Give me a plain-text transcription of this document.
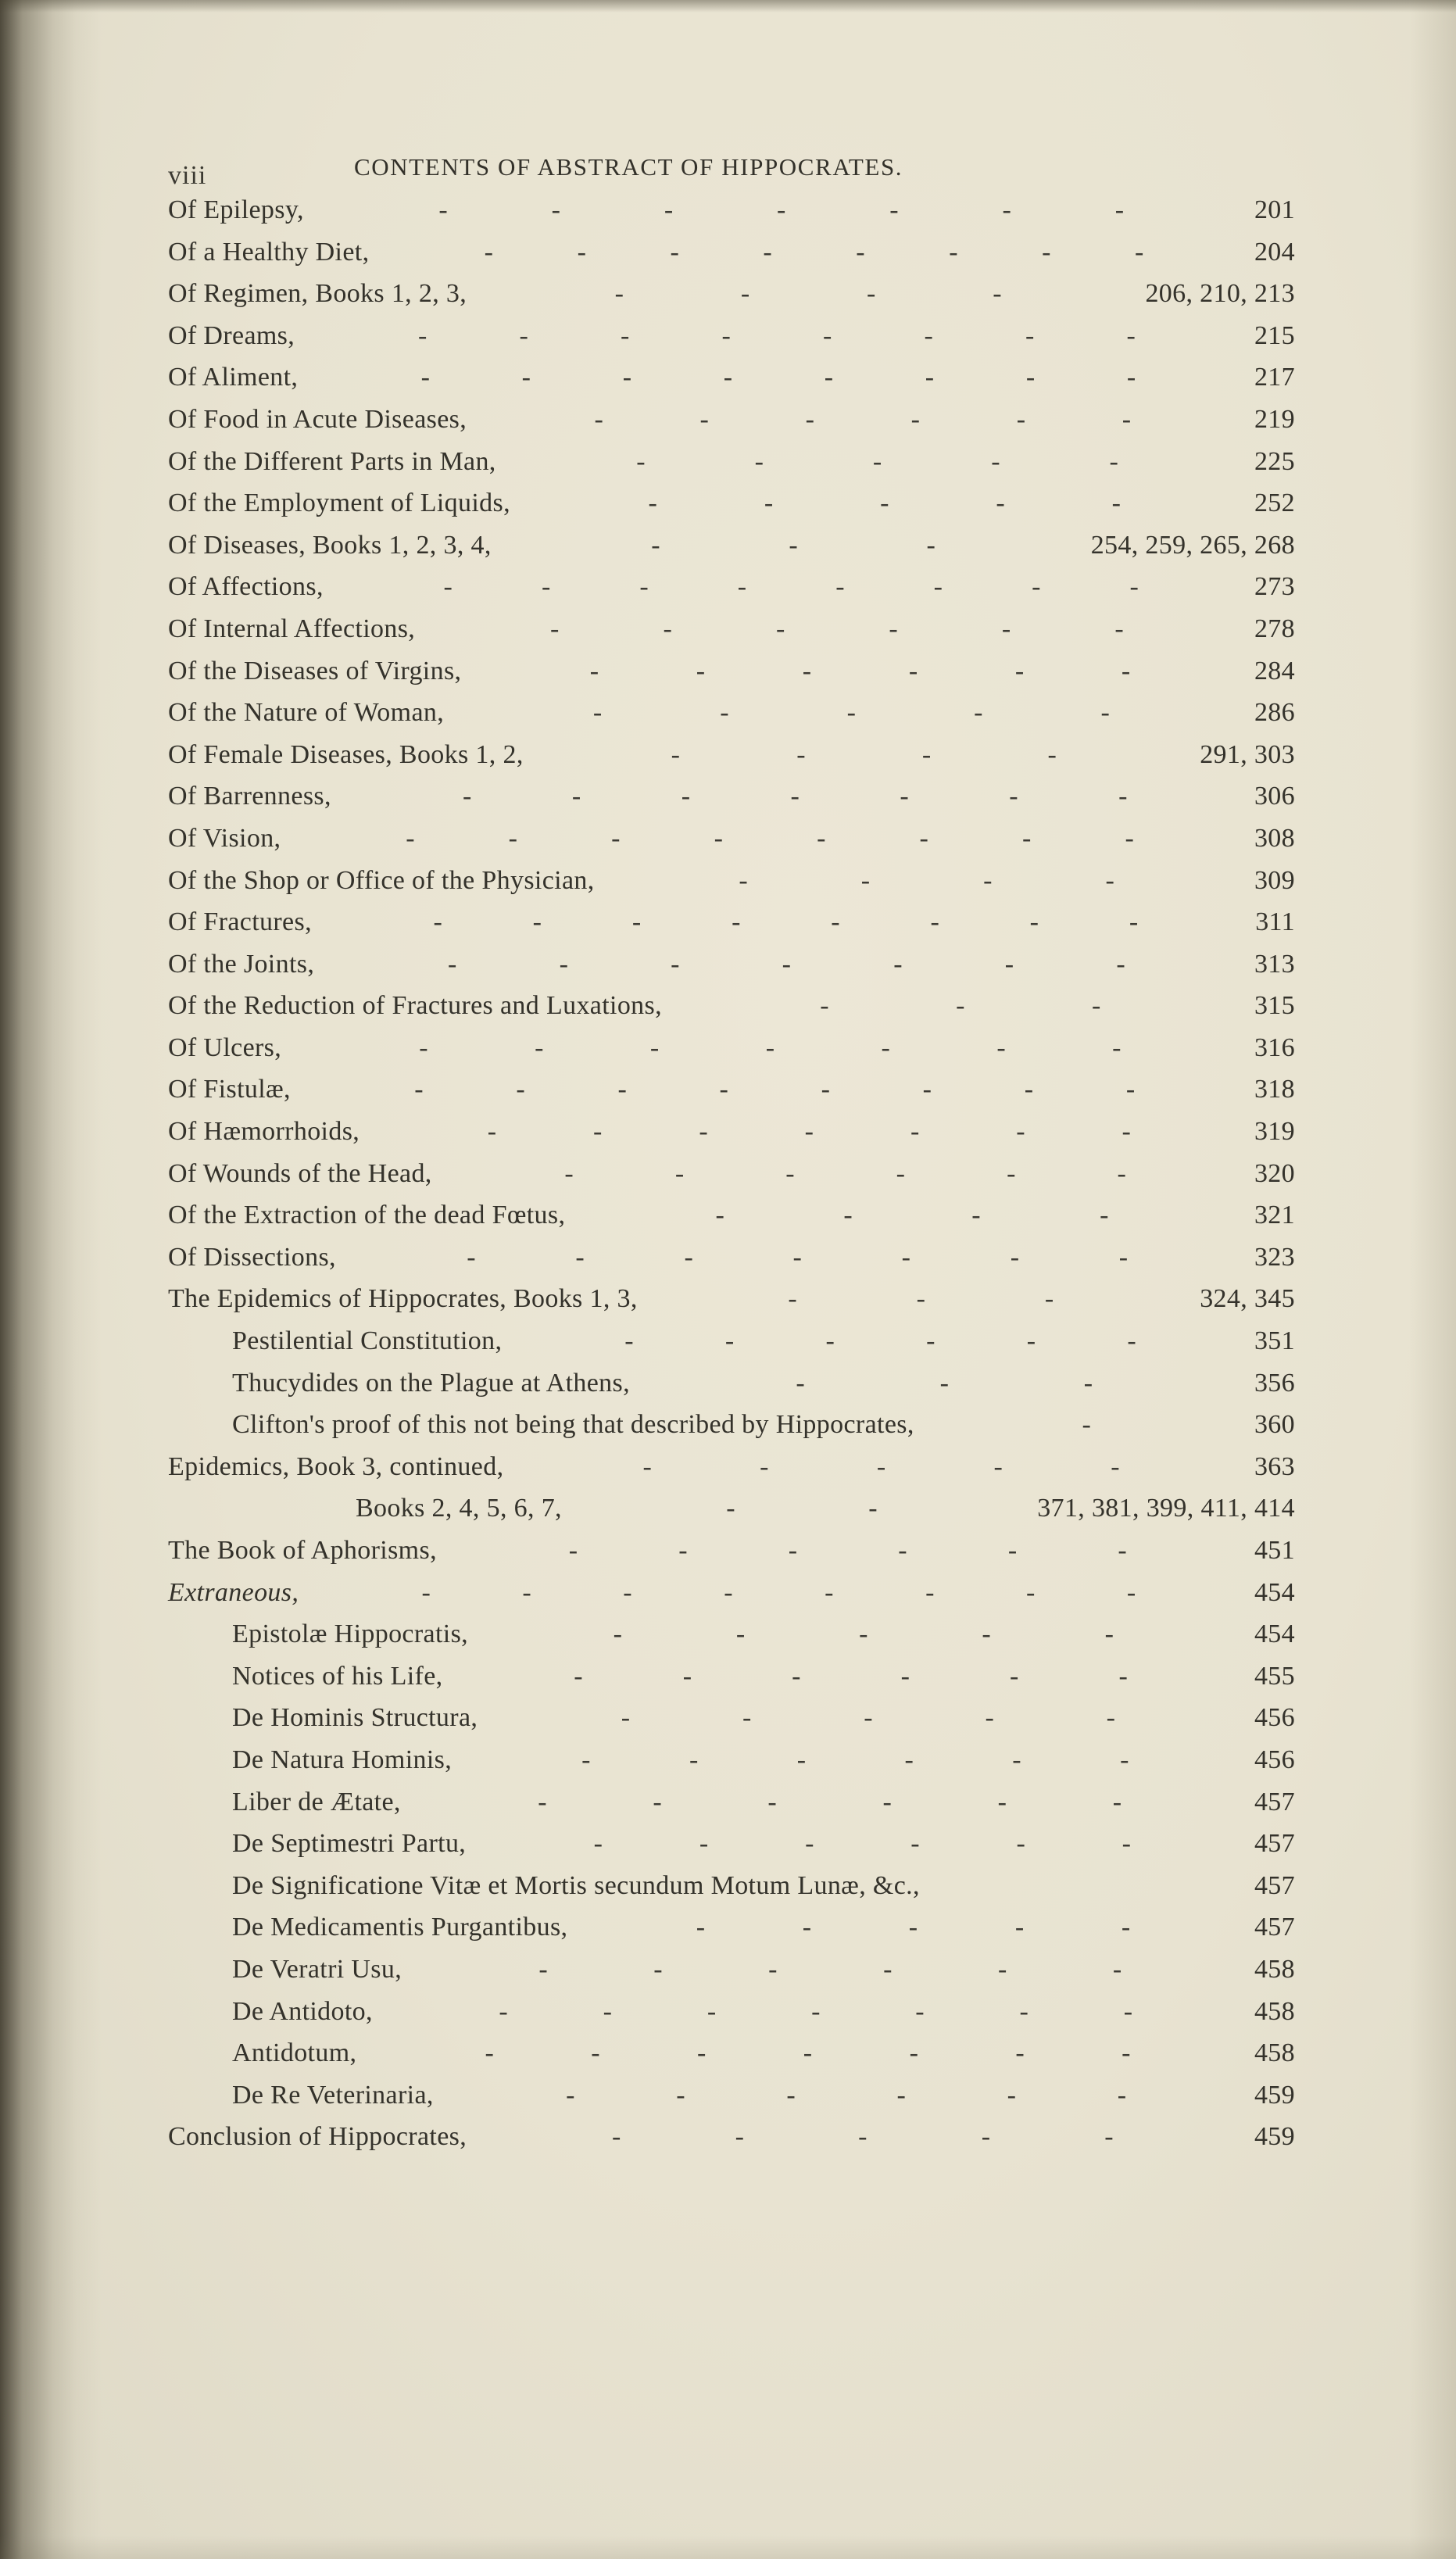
viii	CONTENTS OF ABSTRACT OF HIPPOCRATES.
Of Epilepsy,	-	-	-	-	-	-	-	201
Of a Healthy Diet,	-	-	-	-	-	-	-	-	204
Of Regimen, Books 1, 2, 3,	-	-	-	-	206, 210, 213
Of Dreams,	-	-	-	-	-	-	-	-	215
Of Aliment,	-	-	-	-	-	-	-	-	217
Of Food in Acute Diseases,	-	-	-	-	-	-	219
Of the Different Parts in Man,	-	-	-	-	-	225
Of the Employment of Liquids,	-	-	-	-	-	252
Of Diseases, Books 1, 2, 3, 4,	-	-	-	254, 259, 265, 268
Of Affections,	-	-	-	-	-	-	-	-	273
Of Internal Affections,	-	-	-	-	-	-	278
Of the Diseases of Virgins,	-	-	-	-	-	-	284
Of the Nature of Woman,	-	-	-	-	-	286
Of Female Diseases, Books 1, 2,	-	-	-	-	291, 303
Of Barrenness,	-	-	-	-	-	-	-	306
Of Vision,	-	-	-	-	-	-	-	-	308
Of the Shop or Office of the Physician,	-	-	-	-	309
Of Fractures,	-	-	-	-	-	-	-	-	311
Of the Joints,	-	-	-	-	-	-	-	313
Of the Reduction of Fractures and Luxations,	-	-	-	315
Of Ulcers,	-	-	-	-	-	-	-	316
Of Fistulæ,	-	-	-	-	-	-	-	-	318
Of Hæmorrhoids,	-	-	-	-	-	-	-	319
Of Wounds of the Head,	-	-	-	-	-	-	320
Of the Extraction of the dead Fœtus,	-	-	-	-	321
Of Dissections,	-	-	-	-	-	-	-	323
The Epidemics of Hippocrates, Books 1, 3,	-	-	-	324, 345
Pestilential Constitution,	-	-	-	-	-	-	351
Thucydides on the Plague at Athens,	-	-	-	356
Clifton's proof of this not being that described by Hippocrates,	-	360
Epidemics, Book 3, continued,	-	-	-	-	-	363
Books 2, 4, 5, 6, 7,	-	-	371, 381, 399, 411, 414
The Book of Aphorisms,	-	-	-	-	-	-	451
Extraneous,	-	-	-	-	-	-	-	-	454
Epistolæ Hippocratis,	-	-	-	-	-	454
Notices of his Life,	-	-	-	-	-	-	455
De Hominis Structura,	-	-	-	-	-	456
De Natura Hominis,	-	-	-	-	-	-	456
Liber de Ætate,	-	-	-	-	-	-	457
De Septimestri Partu,	-	-	-	-	-	-	457
De Significatione Vitæ et Mortis secundum Motum Lunæ, &c.,	457
De Medicamentis Purgantibus,	-	-	-	-	-	457
De Veratri Usu,	-	-	-	-	-	-	458
De Antidoto,	-	-	-	-	-	-	-	458
Antidotum,	-	-	-	-	-	-	-	458
De Re Veterinaria,	-	-	-	-	-	-	459
Conclusion of Hippocrates,	-	-	-	-	-	459
